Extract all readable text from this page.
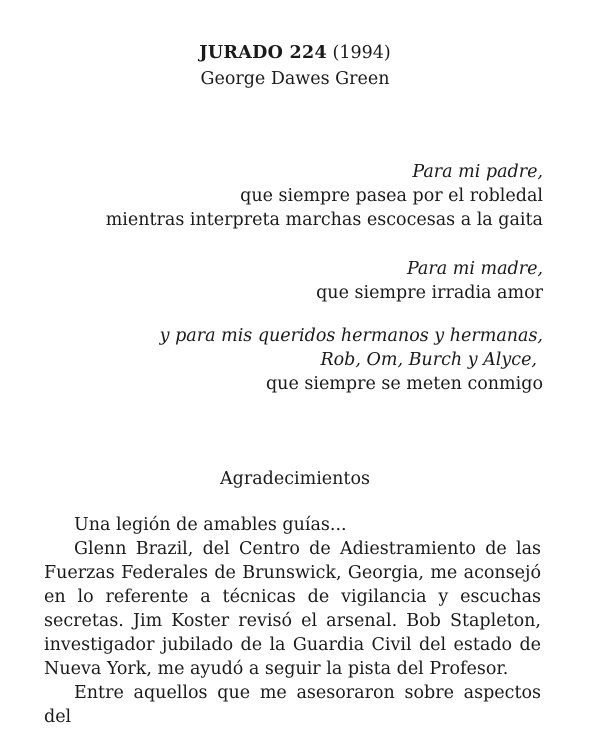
JURADO 224 (1994)
George Dawes Green
Para mi padre,
que siempre pasea por el robledal
mientras interpreta marchas escocesas a la gaita
Para mi madre,
que siempre irradia amor
y para mis queridos hermanos y hermanas,
Rob, Om, Burch y Alyce,
que siempre se meten conmigo
Agradecimientos

Una legión de amables guías...

Glenn Brazil, del Centro de Adiestramiento de las Fuerzas Federales de Brunswick, Georgia, me aconsejó en lo referente a técnicas de vigilancia y escuchas secretas. Jim Koster revisó el arsenal. Bob Stapleton, investigador jubilado de la Guardia Civil del estado de Nueva York, me ayudó a seguir la pista del Profesor.

Entre aquellos que me asesoraron sobre aspectos del
